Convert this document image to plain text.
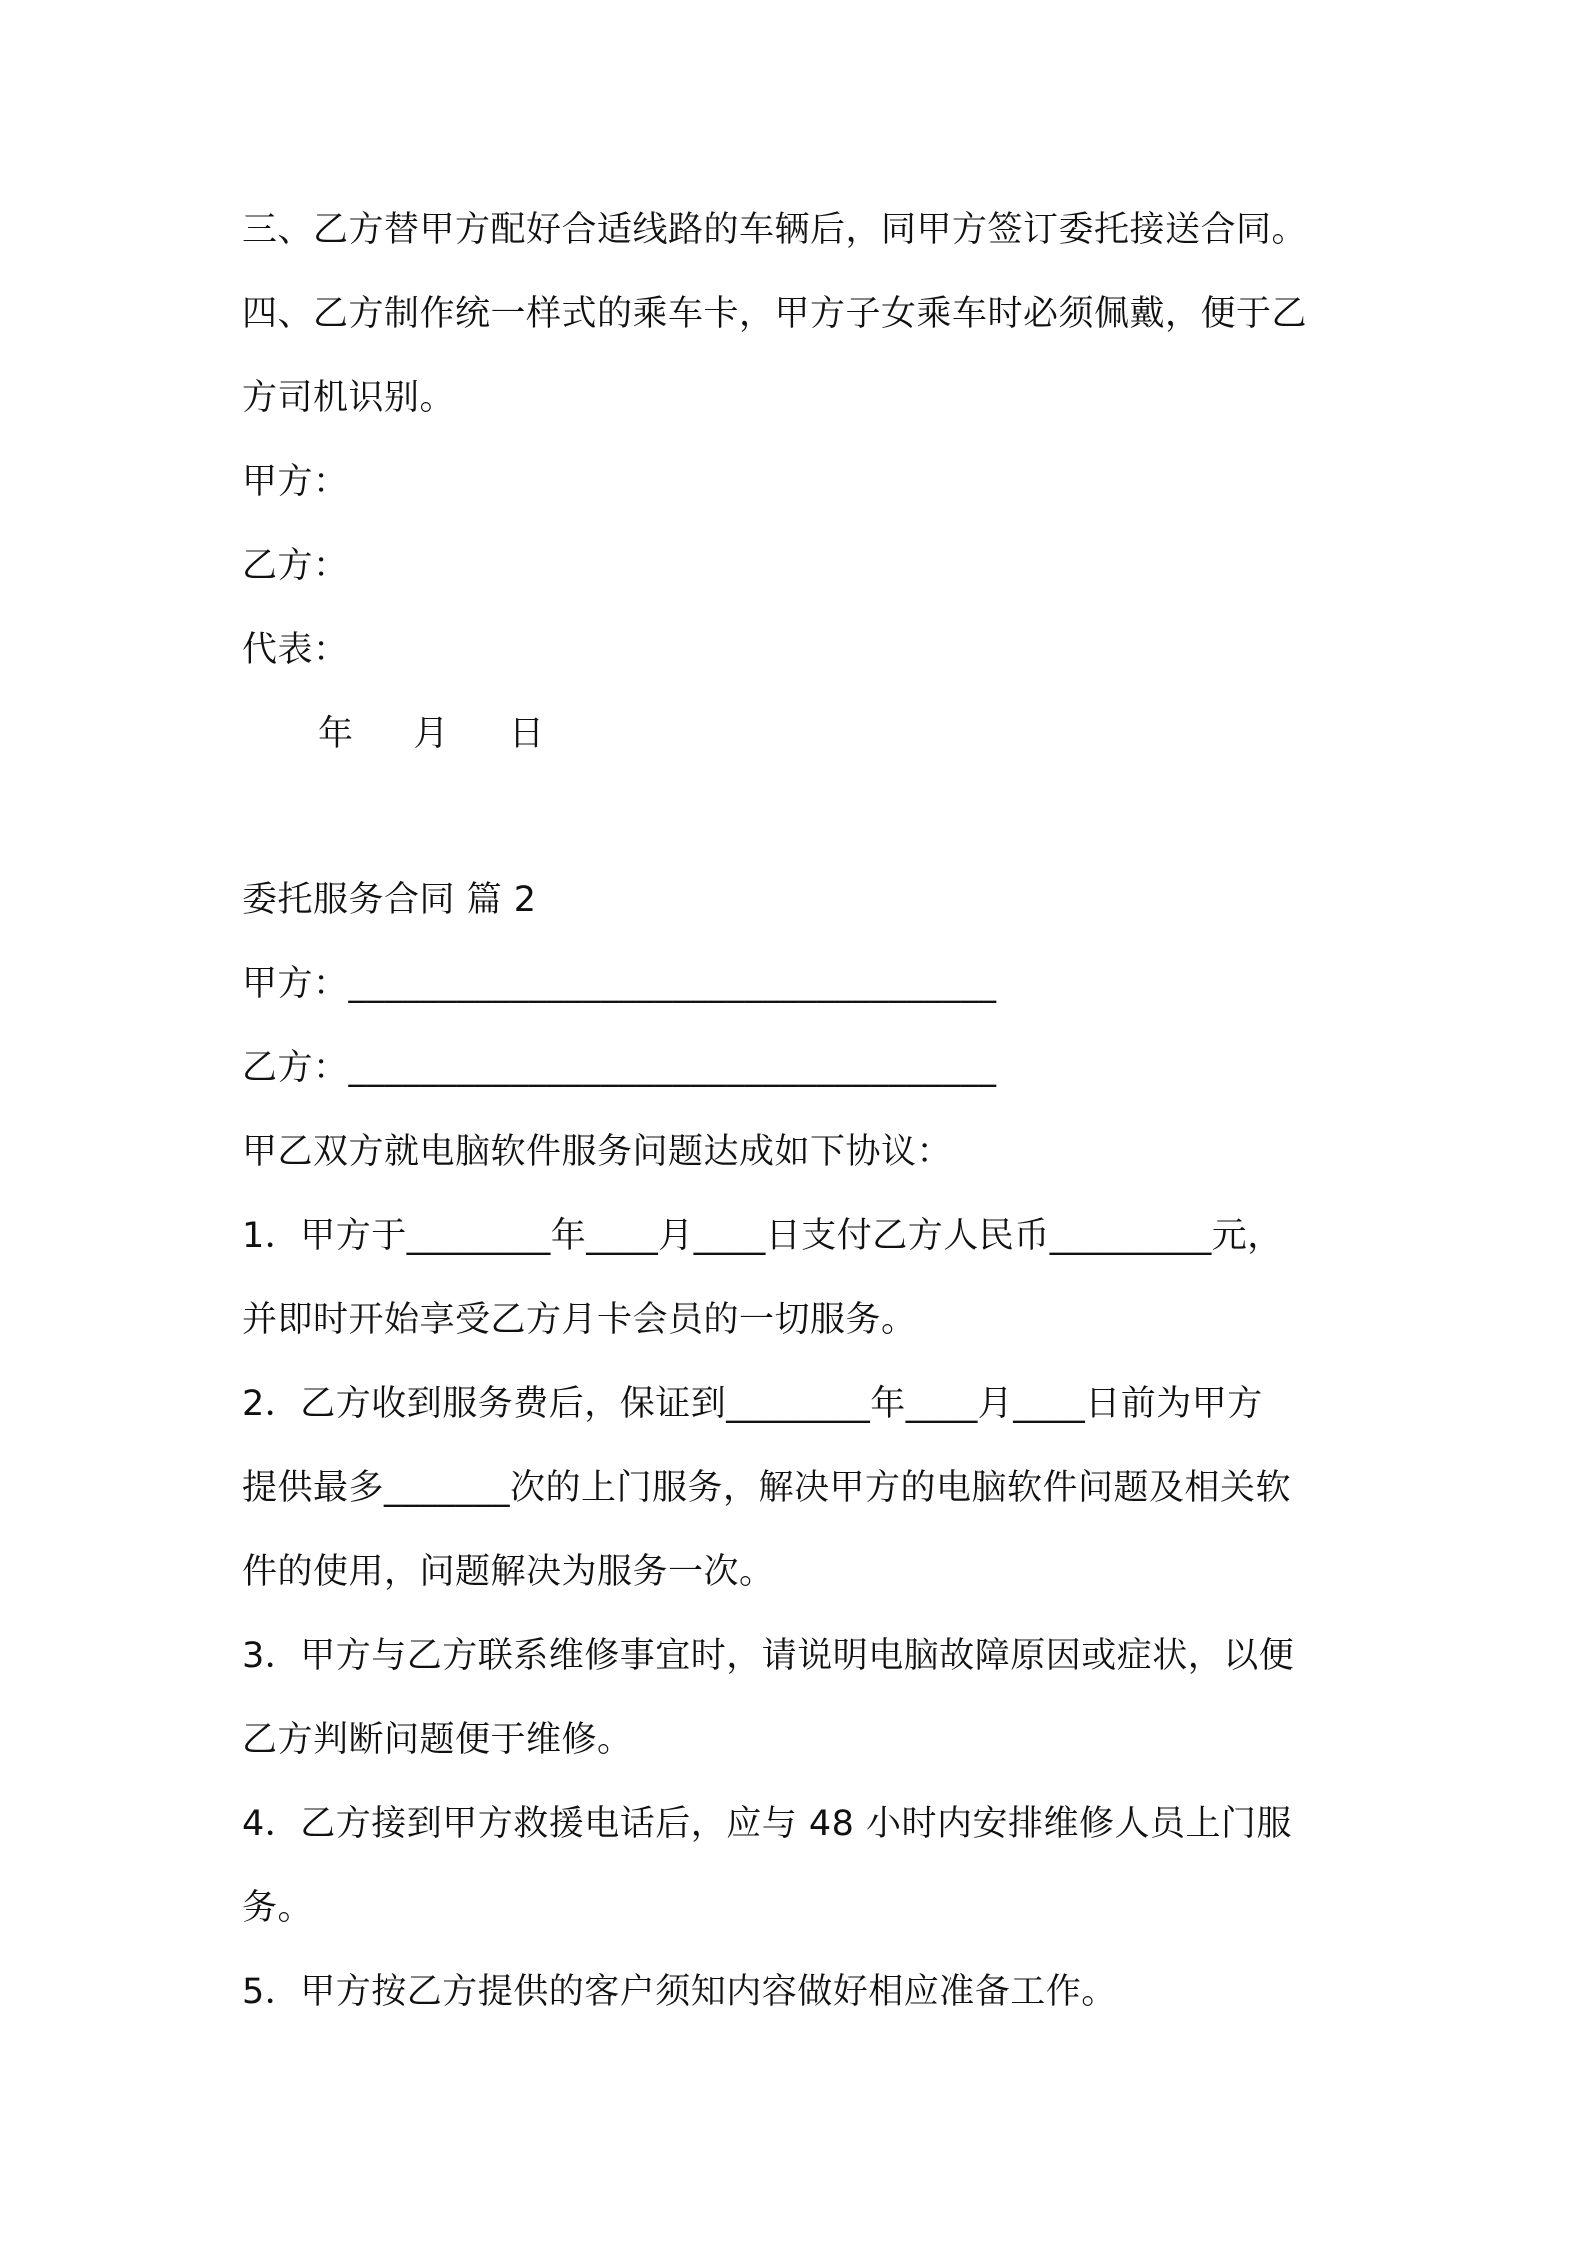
三、乙方替甲方配好合适线路的车辆后，同甲方签订委托接送合同。
四、乙方制作统一样式的乘车卡，甲方子女乘车时必须佩戴，便于乙
方司机识别。
甲方：
乙方：
代表：
年 月 日
委托服务合同 篇 2
甲方：____________________________________
乙方：____________________________________
甲乙双方就电脑软件服务问题达成如下协议：
1．甲方于________年____月____日支付乙方人民币_________元，
并即时开始享受乙方月卡会员的一切服务。
2．乙方收到服务费后，保证到________年____月____日前为甲方
提供最多_______次的上门服务，解决甲方的电脑软件问题及相关软
件的使用，问题解决为服务一次。
3．甲方与乙方联系维修事宜时，请说明电脑故障原因或症状，以便
乙方判断问题便于维修。
4．乙方接到甲方救援电话后，应与 48 小时内安排维修人员上门服
务。
5．甲方按乙方提供的客户须知内容做好相应准备工作。
